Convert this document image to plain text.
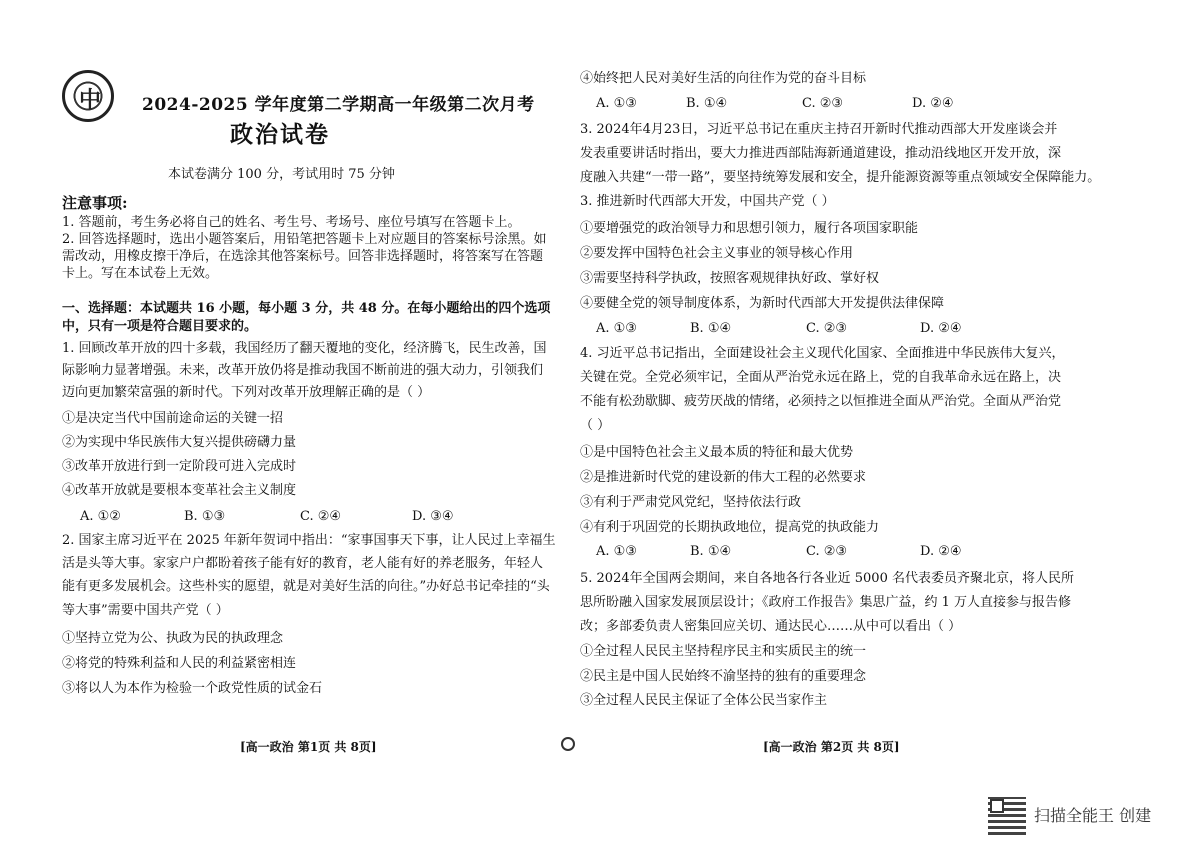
中 2024-2025 学年度第二学期高一年级第二次月考
政治试卷
本试卷满分 100 分，考试用时 75 分钟
注意事项:
1. 答题前，考生务必将自己的姓名、考生号、考场号、座位号填写在答题卡上。
2. 回答选择题时，选出小题答案后，用铅笔把答题卡上对应题目的答案标号涂黑。如
需改动，用橡皮擦干净后，在选涂其他答案标号。回答非选择题时，将答案写在答题
卡上。写在本试卷上无效。
一、选择题：本试题共 16 小题，每小题 3 分，共 48 分。在每小题给出的四个选项
中，只有一项是符合题目要求的。
1. 回顾改革开放的四十多载，我国经历了翻天覆地的变化，经济腾飞，民生改善，国
际影响力显著增强。未来，改革开放仍将是推动我国不断前进的强大动力，引领我们
迈向更加繁荣富强的新时代。下列对改革开放理解正确的是（ ）
①是决定当代中国前途命运的关键一招
②为实现中华民族伟大复兴提供磅礴力量
③改革开放进行到一定阶段可进入完成时
④改革开放就是要根本变革社会主义制度
A. ①②	B. ①③	C. ②④	D. ③④
2. 国家主席习近平在 2025 年新年贺词中指出：“家事国事天下事，让人民过上幸福生
活是头等大事。家家户户都盼着孩子能有好的教育，老人能有好的养老服务，年轻人
能有更多发展机会。这些朴实的愿望，就是对美好生活的向往。”办好总书记牵挂的“头
等大事”需要中国共产党（ ）
①坚持立党为公、执政为民的执政理念
②将党的特殊利益和人民的利益紧密相连
③将以人为本作为检验一个政党性质的试金石
[高一政治 第1页 共 8页]
④始终把人民对美好生活的向往作为党的奋斗目标
A. ①③	B. ①④	C. ②③	D. ②④
3. 2024年4月23日，习近平总书记在重庆主持召开新时代推动西部大开发座谈会并
发表重要讲话时指出，要大力推进西部陆海新通道建设，推动沿线地区开发开放，深
度融入共建“一带一路”，要坚持统筹发展和安全，提升能源资源等重点领域安全保障能力。
3. 推进新时代西部大开发，中国共产党（ ）
①要增强党的政治领导力和思想引领力，履行各项国家职能
②要发挥中国特色社会主义事业的领导核心作用
③需要坚持科学执政，按照客观规律执好政、掌好权
④要健全党的领导制度体系，为新时代西部大开发提供法律保障
A. ①③	B. ①④	C. ②③	D. ②④
4. 习近平总书记指出，全面建设社会主义现代化国家、全面推进中华民族伟大复兴，
关键在党。全党必须牢记，全面从严治党永远在路上，党的自我革命永远在路上，决
不能有松劲歇脚、疲劳厌战的情绪，必须持之以恒推进全面从严治党。全面从严治党
（ ）
①是中国特色社会主义最本质的特征和最大优势
②是推进新时代党的建设新的伟大工程的必然要求
③有利于严肃党风党纪，坚持依法行政
④有利于巩固党的长期执政地位，提高党的执政能力
A. ①③	B. ①④	C. ②③	D. ②④
5. 2024年全国两会期间，来自各地各行各业近 5000 名代表委员齐聚北京，将人民所
思所盼融入国家发展顶层设计；《政府工作报告》集思广益，约 1 万人直接参与报告修
改；多部委负责人密集回应关切、通达民心……从中可以看出（ ）
①全过程人民民主坚持程序民主和实质民主的统一
②民主是中国人民始终不渝坚持的独有的重要理念
③全过程人民民主保证了全体公民当家作主
[高一政治 第2页 共 8页]
扫描全能王 创建
